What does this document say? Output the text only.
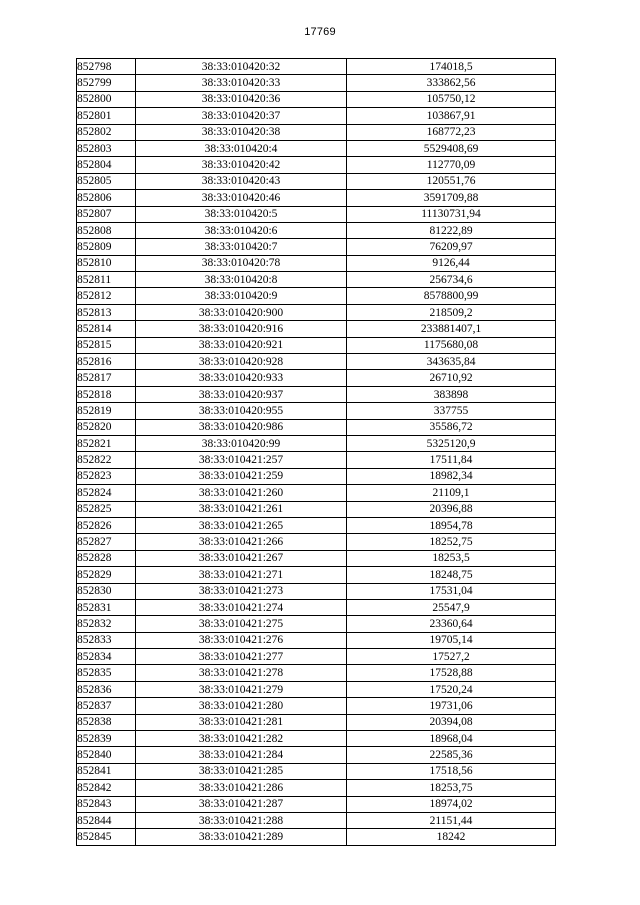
17769
852798	38:33:010420:32	174018,5
852799	38:33:010420:33	333862,56
852800	38:33:010420:36	105750,12
852801	38:33:010420:37	103867,91
852802	38:33:010420:38	168772,23
852803	38:33:010420:4	5529408,69
852804	38:33:010420:42	112770,09
852805	38:33:010420:43	120551,76
852806	38:33:010420:46	3591709,88
852807	38:33:010420:5	11130731,94
852808	38:33:010420:6	81222,89
852809	38:33:010420:7	76209,97
852810	38:33:010420:78	9126,44
852811	38:33:010420:8	256734,6
852812	38:33:010420:9	8578800,99
852813	38:33:010420:900	218509,2
852814	38:33:010420:916	233881407,1
852815	38:33:010420:921	1175680,08
852816	38:33:010420:928	343635,84
852817	38:33:010420:933	26710,92
852818	38:33:010420:937	383898
852819	38:33:010420:955	337755
852820	38:33:010420:986	35586,72
852821	38:33:010420:99	5325120,9
852822	38:33:010421:257	17511,84
852823	38:33:010421:259	18982,34
852824	38:33:010421:260	21109,1
852825	38:33:010421:261	20396,88
852826	38:33:010421:265	18954,78
852827	38:33:010421:266	18252,75
852828	38:33:010421:267	18253,5
852829	38:33:010421:271	18248,75
852830	38:33:010421:273	17531,04
852831	38:33:010421:274	25547,9
852832	38:33:010421:275	23360,64
852833	38:33:010421:276	19705,14
852834	38:33:010421:277	17527,2
852835	38:33:010421:278	17528,88
852836	38:33:010421:279	17520,24
852837	38:33:010421:280	19731,06
852838	38:33:010421:281	20394,08
852839	38:33:010421:282	18968,04
852840	38:33:010421:284	22585,36
852841	38:33:010421:285	17518,56
852842	38:33:010421:286	18253,75
852843	38:33:010421:287	18974,02
852844	38:33:010421:288	21151,44
852845	38:33:010421:289	18242
